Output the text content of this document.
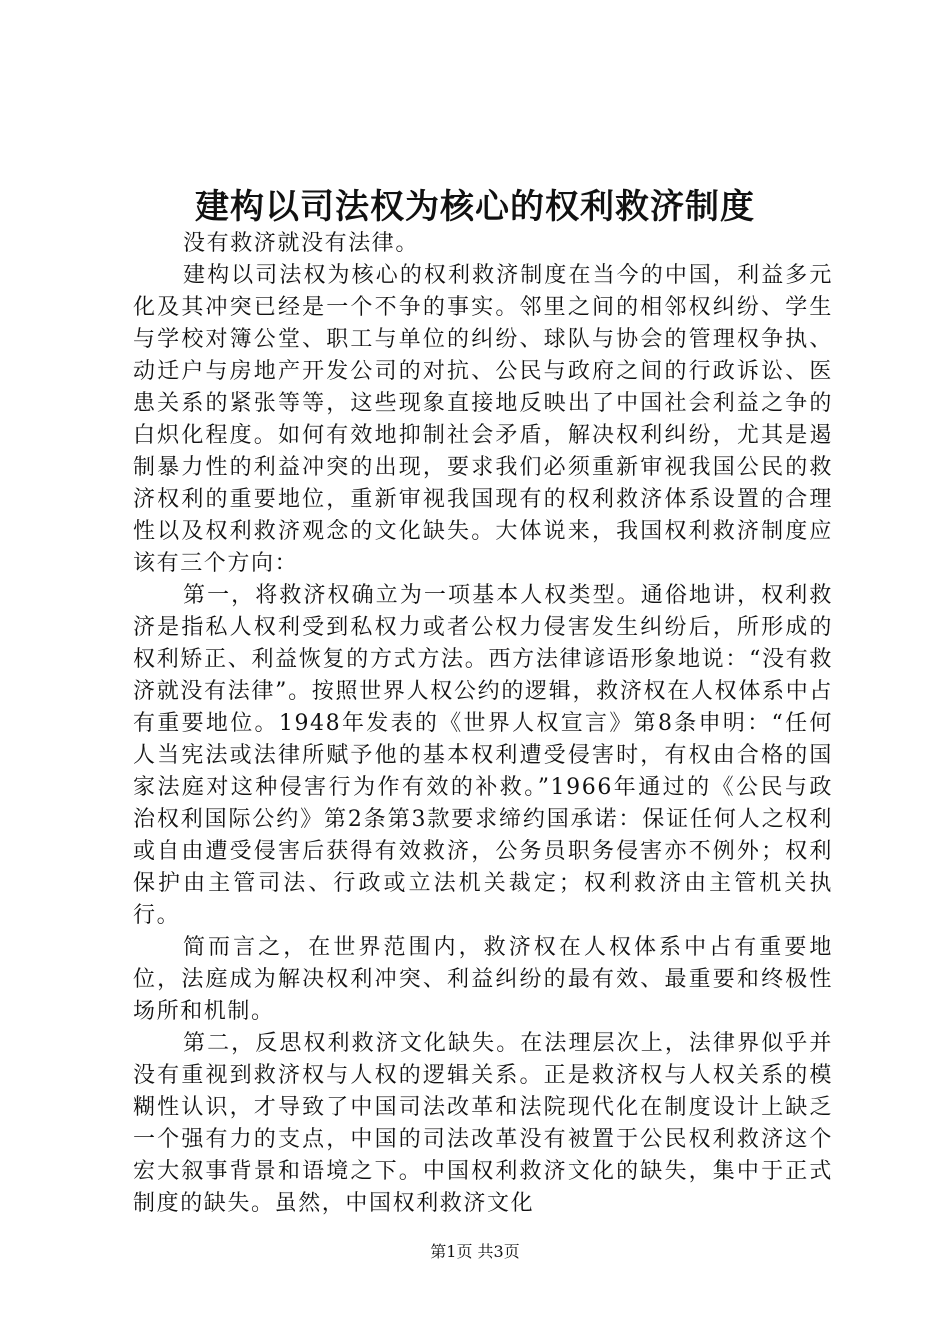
建构以司法权为核心的权利救济制度

没有救济就没有法律。

建构以司法权为核心的权利救济制度在当今的中国，利益多元化及其冲突已经是一个不争的事实。邻里之间的相邻权纠纷、学生与学校对簿公堂、职工与单位的纠纷、球队与协会的管理权争执、动迁户与房地产开发公司的对抗、公民与政府之间的行政诉讼、医患关系的紧张等等，这些现象直接地反映出了中国社会利益之争的白炽化程度。如何有效地抑制社会矛盾，解决权利纠纷，尤其是遏制暴力性的利益冲突的出现，要求我们必须重新审视我国公民的救济权利的重要地位，重新审视我国现有的权利救济体系设置的合理性以及权利救济观念的文化缺失。大体说来，我国权利救济制度应该有三个方向：

第一，将救济权确立为一项基本人权类型。通俗地讲，权利救济是指私人权利受到私权力或者公权力侵害发生纠纷后，所形成的权利矫正、利益恢复的方式方法。西方法律谚语形象地说：“没有救济就没有法律”。按照世界人权公约的逻辑，救济权在人权体系中占有重要地位。1948年发表的《世界人权宣言》第8条申明：“任何人当宪法或法律所赋予他的基本权利遭受侵害时，有权由合格的国家法庭对这种侵害行为作有效的补救。”1966年通过的《公民与政治权利国际公约》第2条第3款要求缔约国承诺：保证任何人之权利或自由遭受侵害后获得有效救济，公务员职务侵害亦不例外；权利保护由主管司法、行政或立法机关裁定；权利救济由主管机关执行。

简而言之，在世界范围内，救济权在人权体系中占有重要地位，法庭成为解决权利冲突、利益纠纷的最有效、最重要和终极性场所和机制。

第二，反思权利救济文化缺失。在法理层次上，法律界似乎并没有重视到救济权与人权的逻辑关系。正是救济权与人权关系的模糊性认识，才导致了中国司法改革和法院现代化在制度设计上缺乏一个强有力的支点，中国的司法改革没有被置于公民权利救济这个宏大叙事背景和语境之下。中国权利救济文化的缺失，集中于正式制度的缺失。虽然，中国权利救济文化

第1页 共3页
